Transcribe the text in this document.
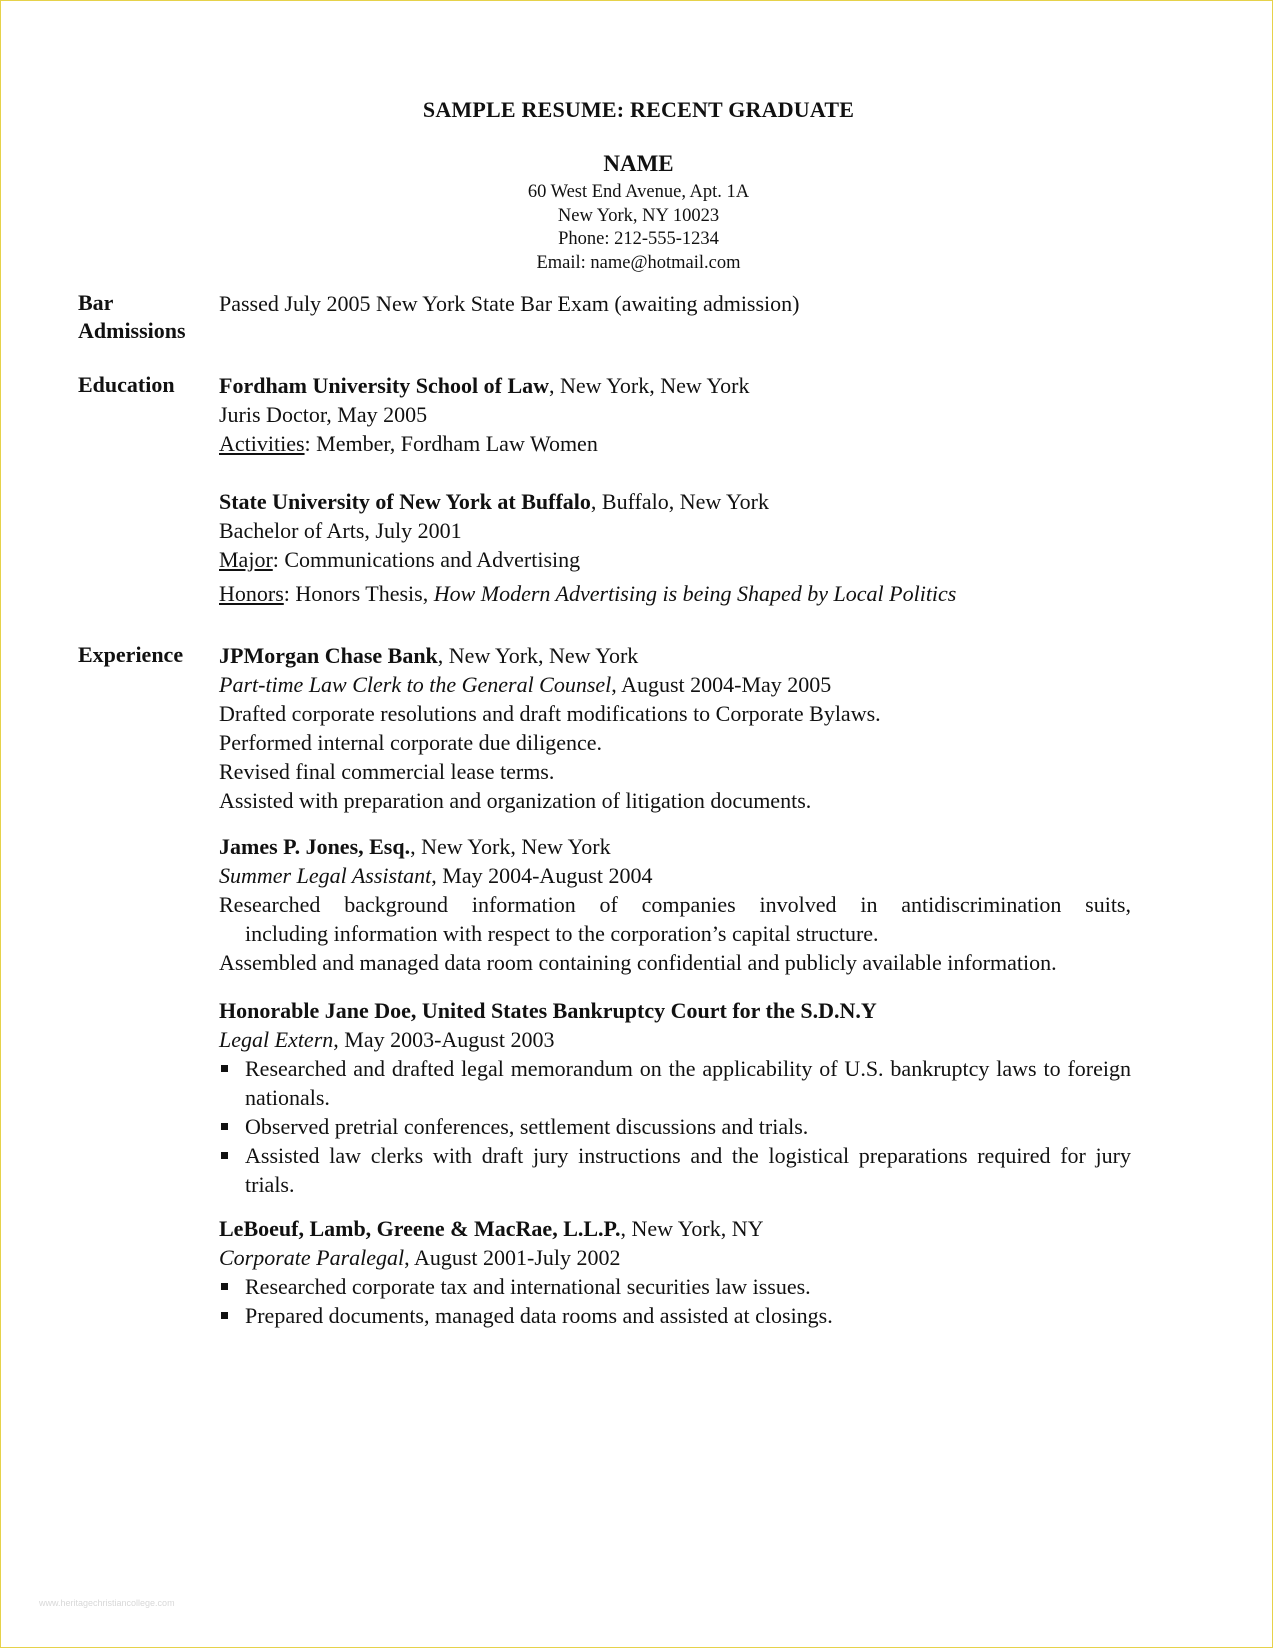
SAMPLE RESUME: RECENT GRADUATE
NAME
60 West End Avenue, Apt. 1A
New York, NY 10023
Phone: 212-555-1234
Email: name@hotmail.com
Bar
Admissions
Passed July 2005 New York State Bar Exam (awaiting admission)
Education	Fordham University School of Law, New York, New York
Juris Doctor, May 2005
Activities: Member, Fordham Law Women
State University of New York at Buffalo, Buffalo, New York
Bachelor of Arts, July 2001
Major: Communications and Advertising
Honors: Honors Thesis, How Modern Advertising is being Shaped by Local Politics
Experience	JPMorgan Chase Bank, New York, New York
Part-time Law Clerk to the General Counsel, August 2004-May 2005
Drafted corporate resolutions and draft modifications to Corporate Bylaws.
Performed internal corporate due diligence.
Revised final commercial lease terms.
Assisted with preparation and organization of litigation documents.
James P. Jones, Esq., New York, New York
Summer Legal Assistant, May 2004-August 2004
Researched background information of companies involved in antidiscrimination suits,
including information with respect to the corporation’s capital structure.
Assembled and managed data room containing confidential and publicly available information.
Honorable Jane Doe, United States Bankruptcy Court for the S.D.N.Y
Legal Extern, May 2003-August 2003
Researched and drafted legal memorandum on the applicability of U.S. bankruptcy laws to foreign nationals.
Observed pretrial conferences, settlement discussions and trials.
Assisted law clerks with draft jury instructions and the logistical preparations required for jury trials.
LeBoeuf, Lamb, Greene & MacRae, L.L.P., New York, NY
Corporate Paralegal, August 2001-July 2002
Researched corporate tax and international securities law issues.
Prepared documents, managed data rooms and assisted at closings.
www.heritagechristiancollege.com
